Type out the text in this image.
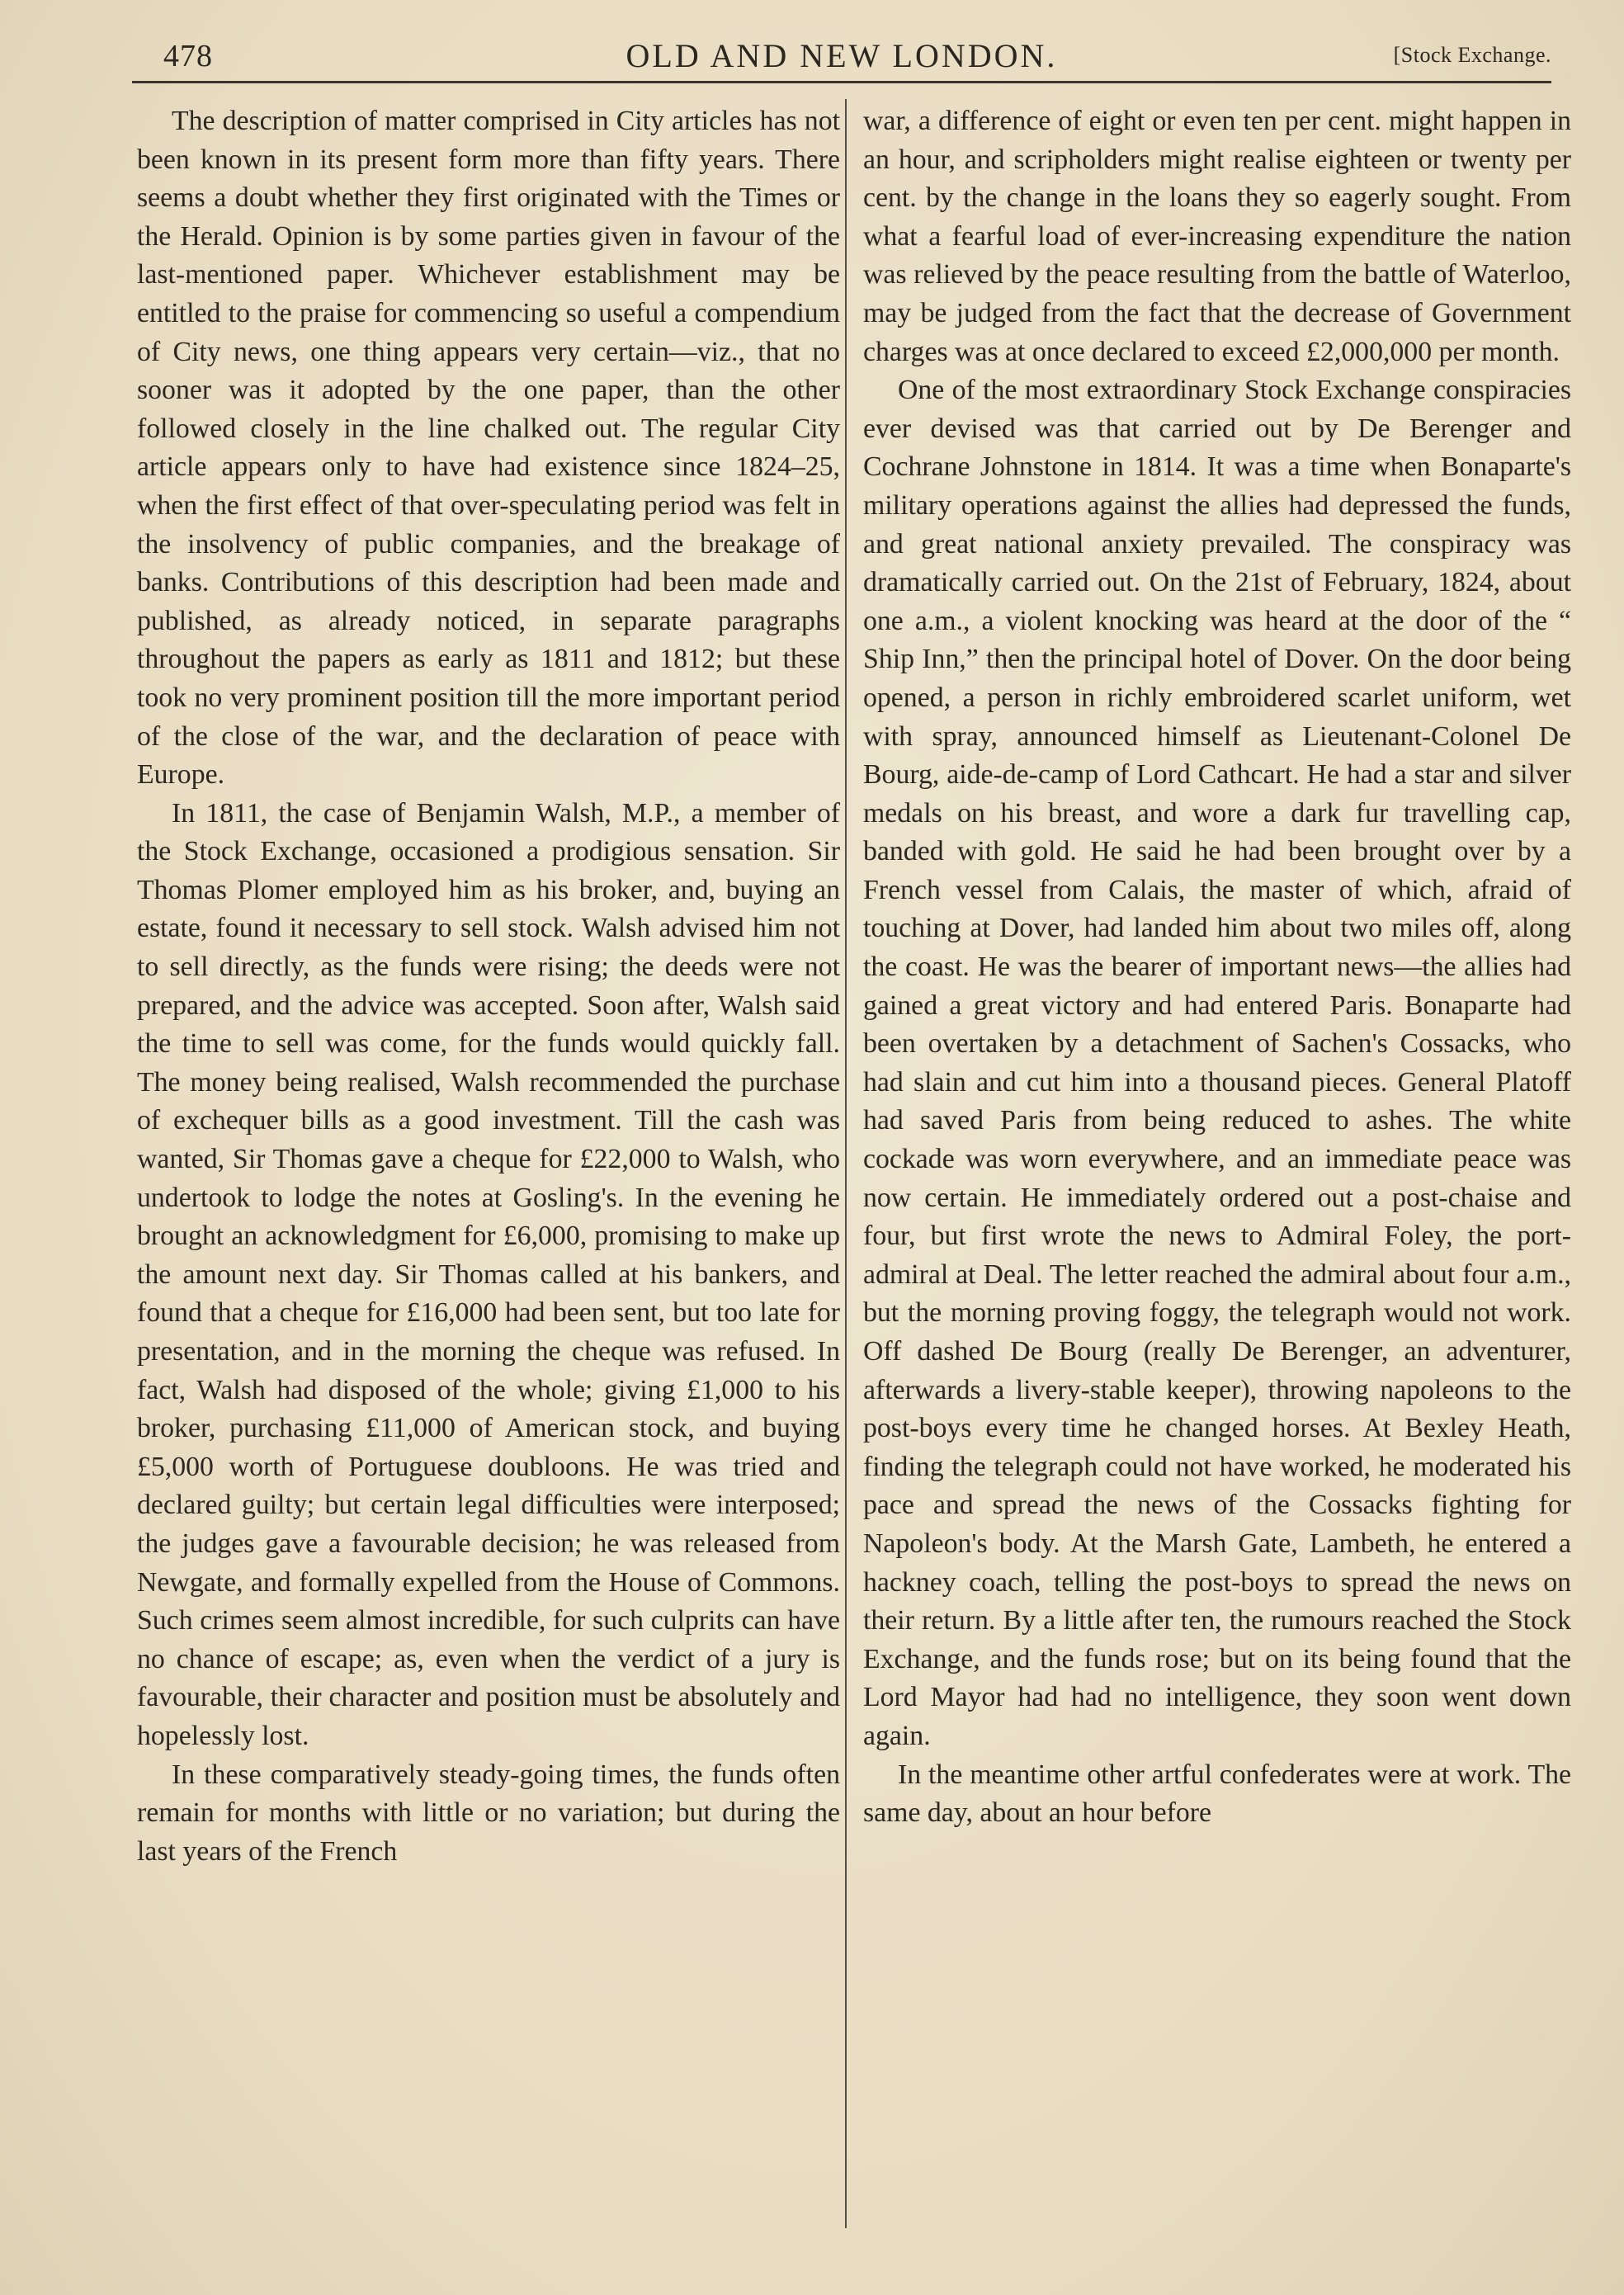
478	OLD AND NEW LONDON.	[Stock Exchange.

The description of matter comprised in City articles has not been known in its present form more than fifty years. There seems a doubt whether they first originated with the Times or the Herald. Opinion is by some parties given in favour of the last-mentioned paper. Whichever establishment may be entitled to the praise for commencing so useful a compendium of City news, one thing appears very certain—viz., that no sooner was it adopted by the one paper, than the other followed closely in the line chalked out. The regular City article appears only to have had existence since 1824–25, when the first effect of that over-speculating period was felt in the insolvency of public companies, and the breakage of banks. Contributions of this description had been made and published, as already noticed, in separate paragraphs throughout the papers as early as 1811 and 1812; but these took no very prominent position till the more important period of the close of the war, and the declaration of peace with Europe.

In 1811, the case of Benjamin Walsh, M.P., a member of the Stock Exchange, occasioned a prodigious sensation. Sir Thomas Plomer employed him as his broker, and, buying an estate, found it necessary to sell stock. Walsh advised him not to sell directly, as the funds were rising; the deeds were not prepared, and the advice was accepted. Soon after, Walsh said the time to sell was come, for the funds would quickly fall. The money being realised, Walsh recommended the purchase of exchequer bills as a good investment. Till the cash was wanted, Sir Thomas gave a cheque for £22,000 to Walsh, who undertook to lodge the notes at Gosling's. In the evening he brought an acknowledgment for £6,000, promising to make up the amount next day. Sir Thomas called at his bankers, and found that a cheque for £16,000 had been sent, but too late for presentation, and in the morning the cheque was refused. In fact, Walsh had disposed of the whole; giving £1,000 to his broker, purchasing £11,000 of American stock, and buying £5,000 worth of Portuguese doubloons. He was tried and declared guilty; but certain legal difficulties were interposed; the judges gave a favourable decision; he was released from Newgate, and formally expelled from the House of Commons. Such crimes seem almost incredible, for such culprits can have no chance of escape; as, even when the verdict of a jury is favourable, their character and position must be absolutely and hopelessly lost.

In these comparatively steady-going times, the funds often remain for months with little or no variation; but during the last years of the French

war, a difference of eight or even ten per cent. might happen in an hour, and scripholders might realise eighteen or twenty per cent. by the change in the loans they so eagerly sought. From what a fearful load of ever-increasing expenditure the nation was relieved by the peace resulting from the battle of Waterloo, may be judged from the fact that the decrease of Government charges was at once declared to exceed £2,000,000 per month.

One of the most extraordinary Stock Exchange conspiracies ever devised was that carried out by De Berenger and Cochrane Johnstone in 1814. It was a time when Bonaparte's military operations against the allies had depressed the funds, and great national anxiety prevailed. The conspiracy was dramatically carried out. On the 21st of February, 1824, about one a.m., a violent knocking was heard at the door of the “ Ship Inn,” then the principal hotel of Dover. On the door being opened, a person in richly embroidered scarlet uniform, wet with spray, announced himself as Lieutenant-Colonel De Bourg, aide-de-camp of Lord Cathcart. He had a star and silver medals on his breast, and wore a dark fur travelling cap, banded with gold. He said he had been brought over by a French vessel from Calais, the master of which, afraid of touching at Dover, had landed him about two miles off, along the coast. He was the bearer of important news—the allies had gained a great victory and had entered Paris. Bonaparte had been overtaken by a detachment of Sachen's Cossacks, who had slain and cut him into a thousand pieces. General Platoff had saved Paris from being reduced to ashes. The white cockade was worn everywhere, and an immediate peace was now certain. He immediately ordered out a post-chaise and four, but first wrote the news to Admiral Foley, the port-admiral at Deal. The letter reached the admiral about four a.m., but the morning proving foggy, the telegraph would not work. Off dashed De Bourg (really De Berenger, an adventurer, afterwards a livery-stable keeper), throwing napoleons to the post-boys every time he changed horses. At Bexley Heath, finding the telegraph could not have worked, he moderated his pace and spread the news of the Cossacks fighting for Napoleon's body. At the Marsh Gate, Lambeth, he entered a hackney coach, telling the post-boys to spread the news on their return. By a little after ten, the rumours reached the Stock Exchange, and the funds rose; but on its being found that the Lord Mayor had had no intelligence, they soon went down again.

In the meantime other artful confederates were at work. The same day, about an hour before
